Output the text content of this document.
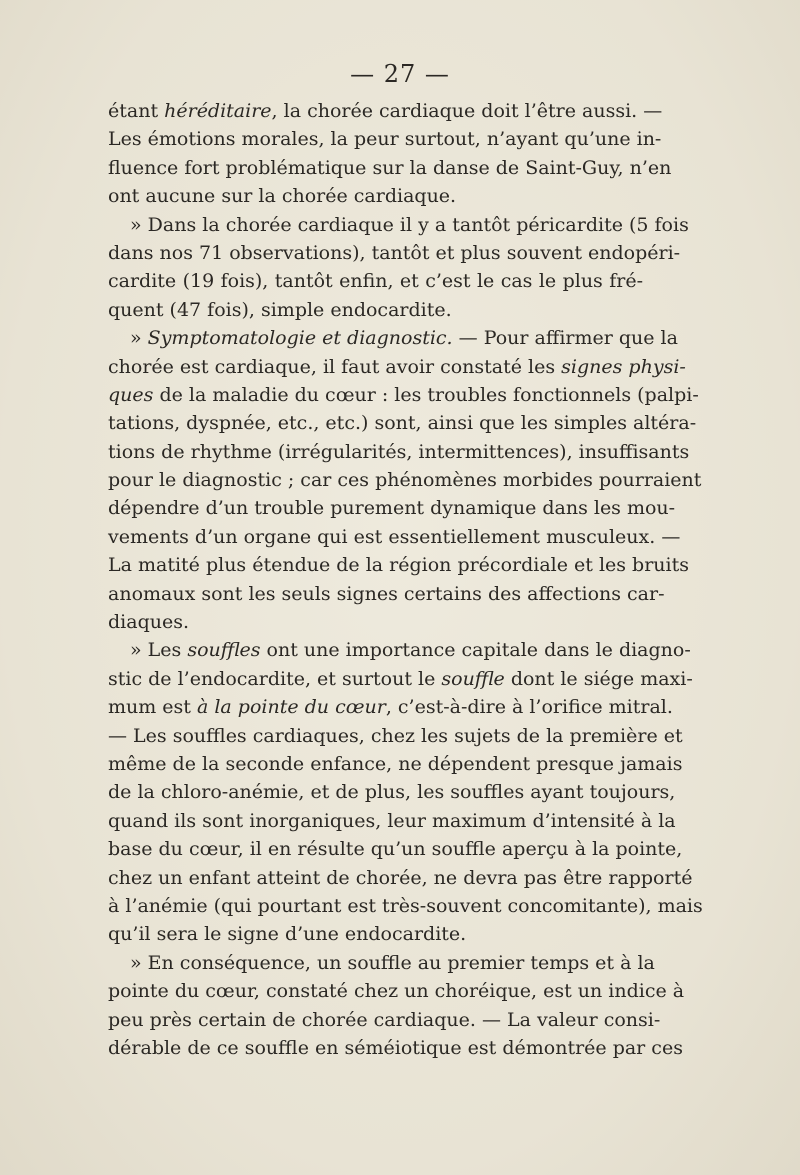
— 27 —
étant héréditaire, la chorée cardiaque doit l’être aussi. —
Les émotions morales, la peur surtout, n’ayant qu’une in-
fluence fort problématique sur la danse de Saint-Guy, n’en
ont aucune sur la chorée cardiaque.
» Dans la chorée cardiaque il y a tantôt péricardite (5 fois
dans nos 71 observations), tantôt et plus souvent endopéri-
cardite (19 fois), tantôt enfin, et c’est le cas le plus fré-
quent (47 fois), simple endocardite.
» Symptomatologie et diagnostic. — Pour affirmer que la
chorée est cardiaque, il faut avoir constaté les signes physi-
ques de la maladie du cœur : les troubles fonctionnels (palpi-
tations, dyspnée, etc., etc.) sont, ainsi que les simples altéra-
tions de rhythme (irrégularités, intermittences), insuffisants
pour le diagnostic ; car ces phénomènes morbides pourraient
dépendre d’un trouble purement dynamique dans les mou-
vements d’un organe qui est essentiellement musculeux. —
La matité plus étendue de la région précordiale et les bruits
anomaux sont les seuls signes certains des affections car-
diaques.
» Les souffles ont une importance capitale dans le diagno-
stic de l’endocardite, et surtout le souffle dont le siége maxi-
mum est à la pointe du cœur, c’est-à-dire à l’orifice mitral.
— Les souffles cardiaques, chez les sujets de la première et
même de la seconde enfance, ne dépendent presque jamais
de la chloro-anémie, et de plus, les souffles ayant toujours,
quand ils sont inorganiques, leur maximum d’intensité à la
base du cœur, il en résulte qu’un souffle aperçu à la pointe,
chez un enfant atteint de chorée, ne devra pas être rapporté
à l’anémie (qui pourtant est très-souvent concomitante), mais
qu’il sera le signe d’une endocardite.
» En conséquence, un souffle au premier temps et à la
pointe du cœur, constaté chez un choréique, est un indice à
peu près certain de chorée cardiaque. — La valeur consi-
dérable de ce souffle en séméiotique est démontrée par ces
